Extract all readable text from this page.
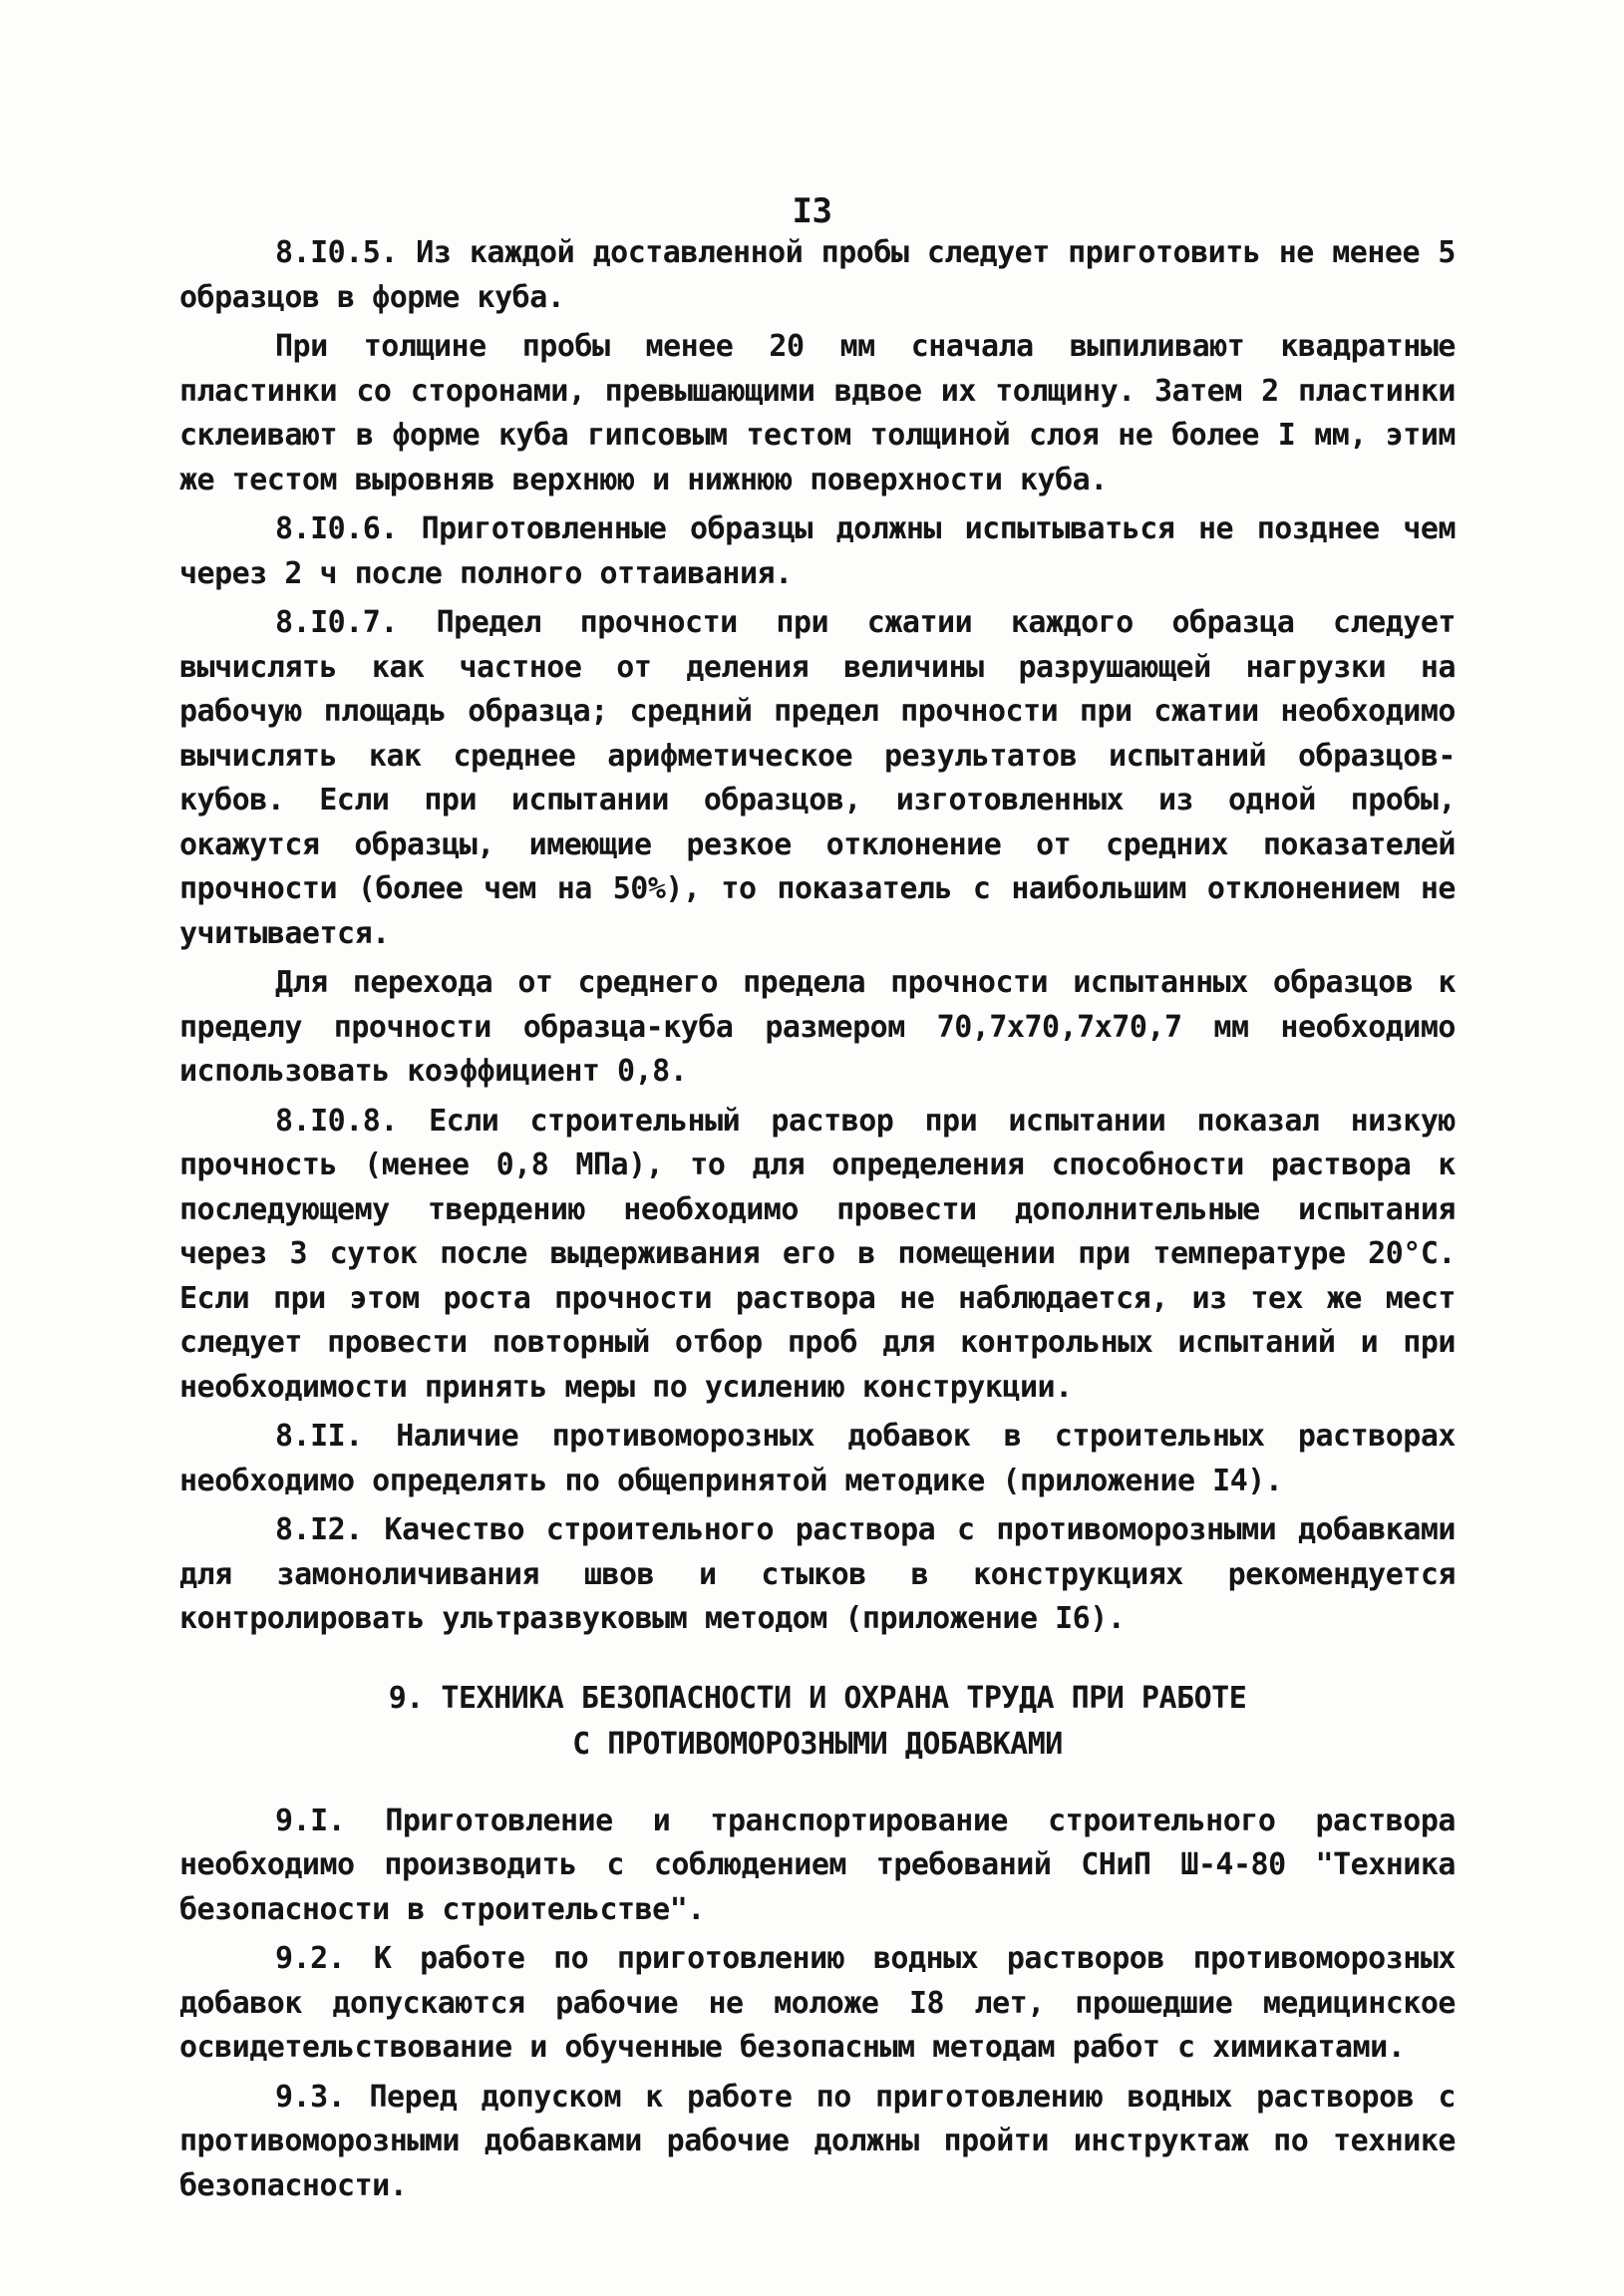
I3

8.I0.5. Из каждой доставленной пробы следует приготовить не менее 5 образцов в форме куба.

При толщине пробы менее 20 мм сначала выпиливают квадратные пластинки со сторонами, превышающими вдвое их толщину. Затем 2 пластинки склеивают в форме куба гипсовым тестом толщиной слоя не более I мм, этим же тестом выровняв верхнюю и нижнюю поверхности куба.

8.I0.6. Приготовленные образцы должны испытываться не позднее чем через 2 ч после полного оттаивания.

8.I0.7. Предел прочности при сжатии каждого образца следует вычислять как частное от деления величины разрушающей нагрузки на рабочую площадь образца; средний предел прочности при сжатии необходимо вычислять как среднее арифметическое результатов испытаний образцов-кубов. Если при испытании образцов, изготовленных из одной пробы, окажутся образцы, имеющие резкое отклонение от средних показателей прочности (более чем на 50%), то показатель с наибольшим отклонением не учитывается.

Для перехода от среднего предела прочности испытанных образцов к пределу прочности образца-куба размером 70,7х70,7х70,7 мм необходимо использовать коэффициент 0,8.

8.I0.8. Если строительный раствор при испытании показал низкую прочность (менее 0,8 МПа), то для определения способности раствора к последующему твердению необходимо провести дополнительные испытания через 3 суток после выдерживания его в помещении при температуре 20°С. Если при этом роста прочности раствора не наблюдается, из тех же мест следует провести повторный отбор проб для контрольных испытаний и при необходимости принять меры по усилению конструкции.

8.II. Наличие противоморозных добавок в строительных растворах необходимо определять по общепринятой методике (приложение I4).

8.I2. Качество строительного раствора с противоморозными добавками для замоноличивания швов и стыков в конструкциях рекомендуется контролировать ультразвуковым методом (приложение I6).

9. ТЕХНИКА БЕЗОПАСНОСТИ И ОХРАНА ТРУДА ПРИ РАБОТЕ
С ПРОТИВОМОРОЗНЫМИ ДОБАВКАМИ

9.I. Приготовление и транспортирование строительного раствора необходимо производить с соблюдением требований СНиП Ш-4-80 "Техника безопасности в строительстве".

9.2. К работе по приготовлению водных растворов противоморозных добавок допускаются рабочие не моложе I8 лет, прошедшие медицинское освидетельствование и обученные безопасным методам работ с химикатами.

9.3. Перед допуском к работе по приготовлению водных растворов с противоморозными добавками рабочие должны пройти инструктаж по технике безопасности.
